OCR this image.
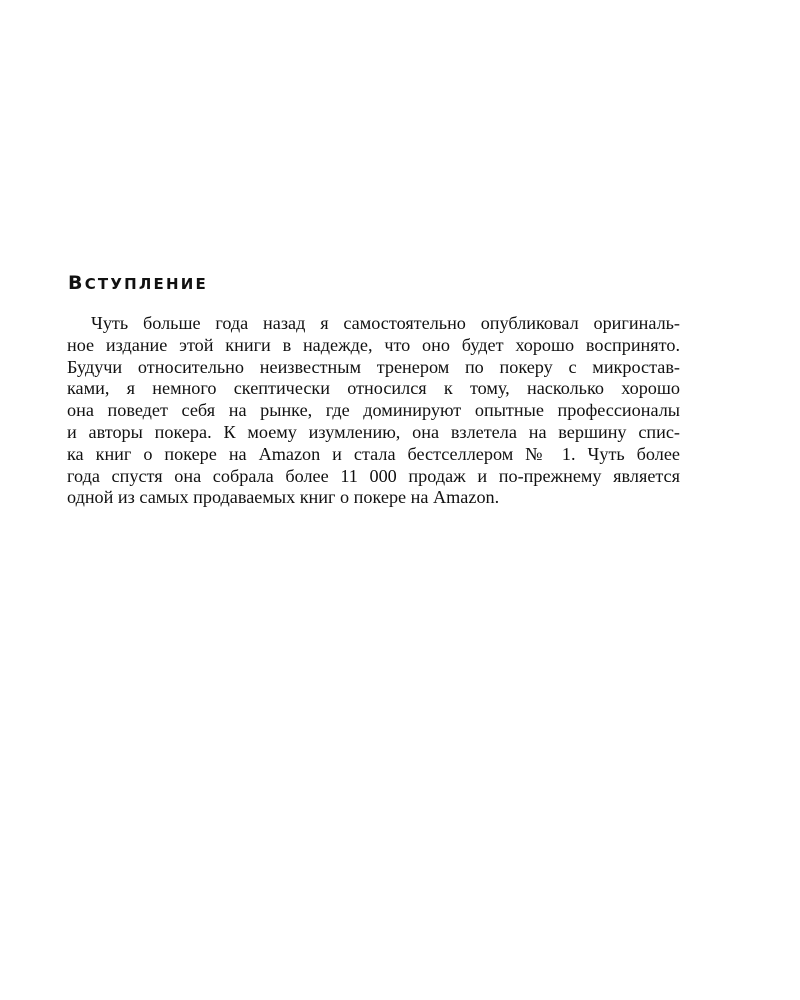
ВСТУПЛЕНИЕ
Чуть больше года назад я самостоятельно опубликовал оригиналь-
ное издание этой книги в надежде, что оно будет хорошо воспринято.
Будучи относительно неизвестным тренером по покеру с микростав-
ками, я немного скептически относился к тому, насколько хорошо
она поведет себя на рынке, где доминируют опытные профессионалы
и авторы покера. К моему изумлению, она взлетела на вершину спис-
ка книг о покере на Amazon и стала бестселлером № 1. Чуть более
года спустя она собрала более 11 000 продаж и по-прежнему является
одной из самых продаваемых книг о покере на Amazon.
